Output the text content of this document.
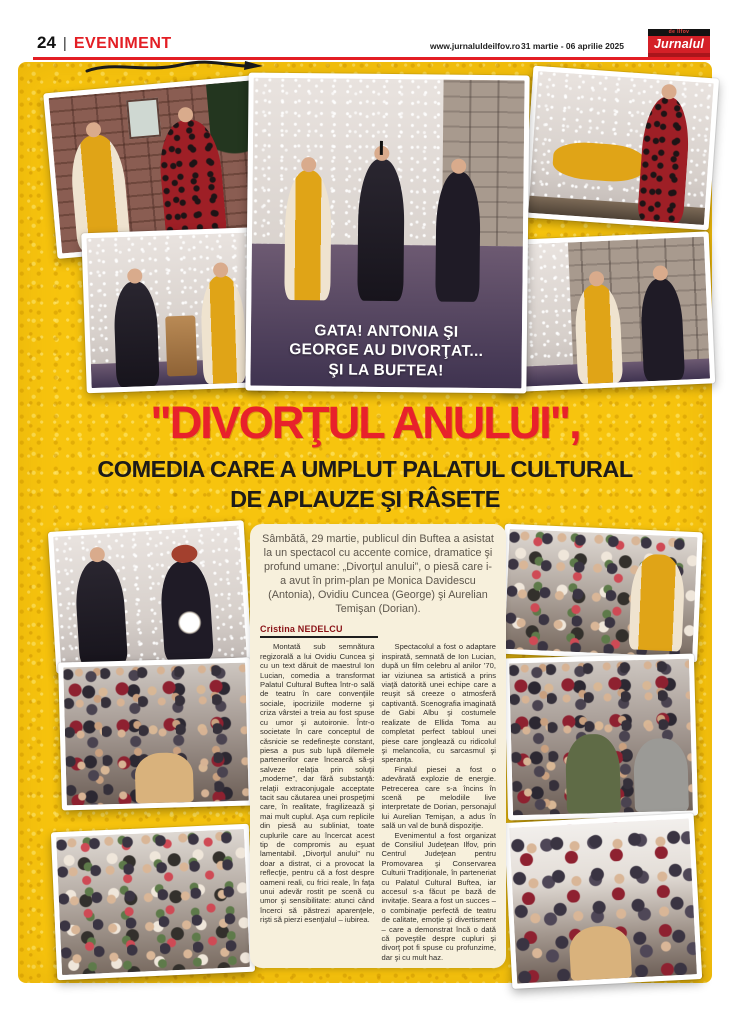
24 | EVENIMENT	www.jurnaluldeilfov.ro 31 martie - 06 aprilie 2025
de Ilfov
Jurnalul
GATA! ANTONIA ŞI
GEORGE AU DIVORŢAT...
ŞI LA BUFTEA!
"DIVORŢUL ANULUI",
COMEDIA CARE A UMPLUT PALATUL CULTURAL
DE APLAUZE ŞI RÂSETE
Sâmbătă, 29 martie, publicul din Buftea a asistat la un spectacol cu accente comice, dramatice şi profund umane: „Divorţul anului”, o piesă care i-a avut în prim-plan pe Monica Davidescu (Antonia), Ovidiu Cuncea (George) şi Aurelian Temişan (Dorian).
Cristina NEDELCU

Montată sub semnătura regizorală a lui Ovidiu Cuncea şi cu un text dăruit de maestrul Ion Lucian, comedia a transformat Palatul Cultural Buftea într-o sală de teatru în care convenţiile sociale, ipocriziile moderne şi criza vârstei a treia au fost spuse cu umor şi autoironie. Într-o societate în care conceptul de căsnicie se redefineşte constant, piesa a pus sub lupă dilemele partenerilor care încearcă să-şi salveze relaţia prin soluţii „moderne”, dar fără substanţă: relaţii extraconjugale acceptate tacit sau căutarea unei prospeţimi care, în realitate, fragilizează şi mai mult cuplul. Aşa cum replicile din piesă au subliniat, toate cuplurile care au încercat acest tip de compromis au eşuat lamentabil. „Divorţul anului” nu doar a distrat, ci a provocat la reflecţie, pentru că a fost despre oameni reali, cu frici reale, în faţa unui adevăr rostit pe scenă cu umor şi sensibilitate: atunci când încerci să păstrezi aparenţele, rişti să pierzi esenţialul – iubirea.

Spectacolul a fost o adaptare inspirată, semnată de Ion Lucian, după un film celebru al anilor ’70, iar viziunea sa artistică a prins viaţă datorită unei echipe care a reuşit să creeze o atmosferă captivantă. Scenografia imaginată de Gabi Albu şi costumele realizate de Ellida Toma au completat perfect tabloul unei piese care jonglează cu ridicolul şi melancolia, cu sarcasmul şi speranţa.

Finalul piesei a fost o adevărată explozie de energie. Petrecerea care s-a încins în scenă pe melodiile live interpretate de Dorian, personajul lui Aurelian Temişan, a adus în sală un val de bună dispoziţie.

Evenimentul a fost organizat de Consiliul Judeţean Ilfov, prin Centrul Judeţean pentru Promovarea şi Conservarea Culturii Tradiţionale, în parteneriat cu Palatul Cultural Buftea, iar accesul s-a făcut pe bază de invitaţie. Seara a fost un succes – o combinaţie perfectă de teatru de calitate, emoţie şi divertisment – care a demonstrat încă o dată că poveştile despre cupluri şi divorţ pot fi spuse cu profunzime, dar şi cu mult haz.
